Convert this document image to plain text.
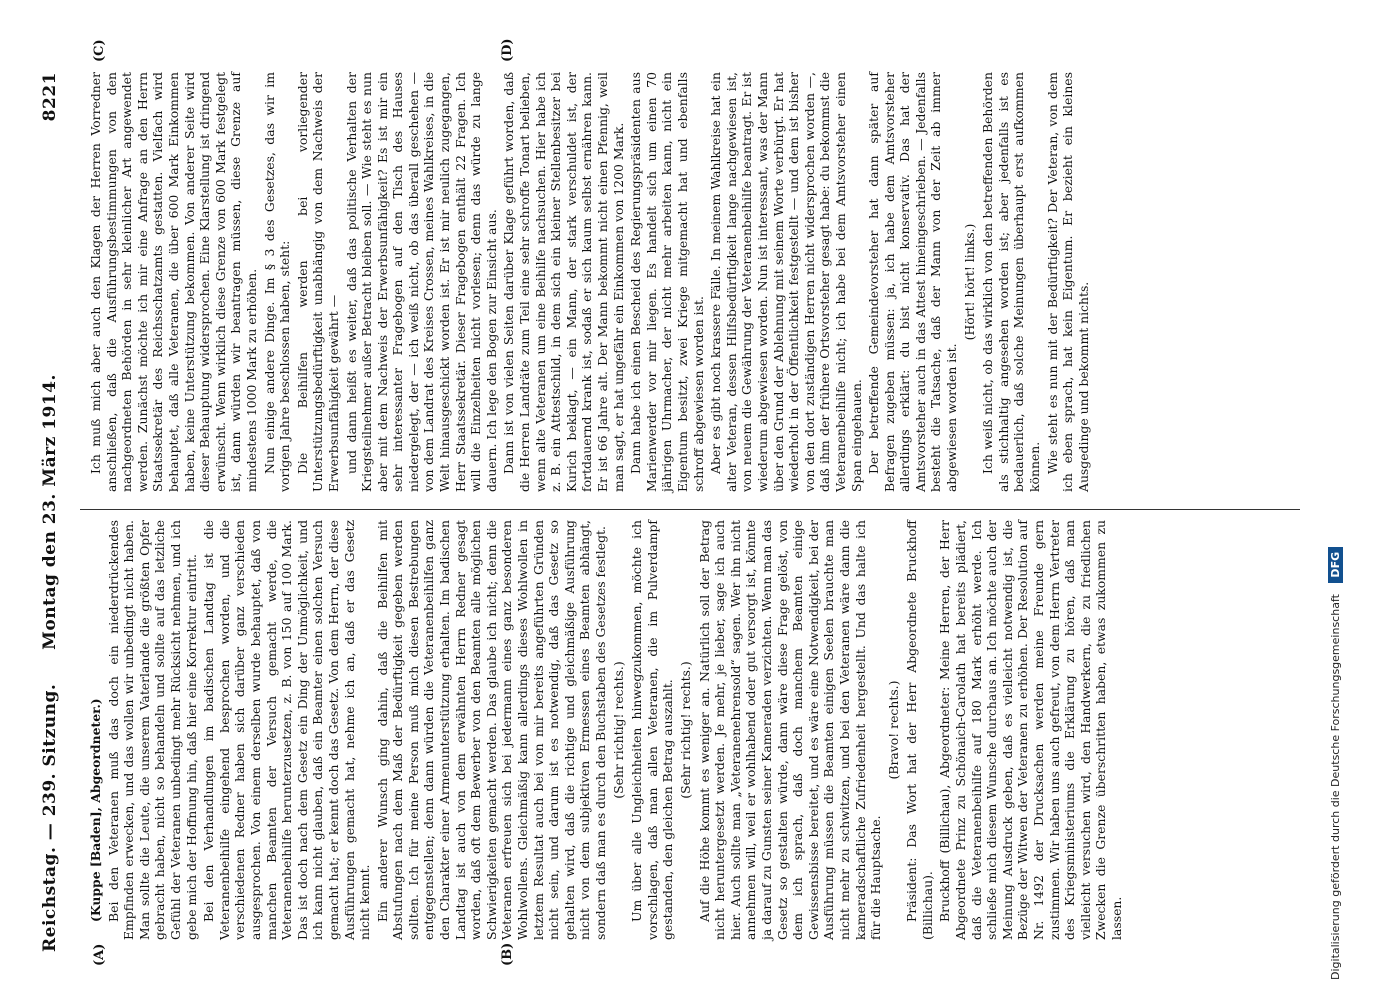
Reichstag. — 239. Sitzung.
Montag den 23. März 1914.
8221
(A)	(B)
(C)	(D)
(Kuppe [Baden], Abgeordneter.) Bei den Veteranen muß das doch ein niederdrückendes Empfinden erwecken, und das wollen wir unbedingt nicht haben. Man sollte die Leute, die unserem Vaterlande die größten Opfer gebracht haben, nicht so behandeln und sollte auf das letzliche Gefühl der Veteranen unbedingt mehr Rücksicht nehmen, und ich gebe mich der Hoffnung hin, daß hier eine Korrektur eintritt. Bei den Verhandlungen im badischen Landtag ist die Veteranenbeihilfe eingehend besprochen worden, und die verschiedenen Redner haben sich darüber ganz verschieden ausgesprochen. Von einem derselben wurde behauptet, daß von manchen Beamten der Versuch gemacht werde, die Veteranenbeihilfe herunterzusetzen, z. B. von 150 auf 100 Mark. Das ist doch nach dem Gesetz ein Ding der Unmöglichkeit, und ich kann nicht glauben, daß ein Beamter einen solchen Versuch gemacht hat; er kennt doch das Gesetz. Von dem Herrn, der diese Ausführungen gemacht hat, nehme ich an, daß er das Gesetz nicht kennt. Ein anderer Wunsch ging dahin, daß die Beihilfen mit Abstufungen nach dem Maß der Bedürftigkeit gegeben werden sollten. Ich für meine Person muß mich diesen Bestrebungen entgegenstellen; denn dann würden die Veteranenbeihilfen ganz den Charakter einer Armenunterstützung erhalten. Im badischen Landtag ist auch von dem erwähnten Herrn Redner gesagt worden, daß oft dem Bewerber von den Beamten alle möglichen Schwierigkeiten gemacht werden. Das glaube ich nicht; denn die Veteranen erfreuen sich bei jedermann eines ganz besonderen Wohlwollens. Gleichmäßig kann allerdings dieses Wohlwollen in letztem Resultat auch bei von mir bereits angeführten Gründen nicht sein, und darum ist es notwendig, daß das Gesetz so gehalten wird, daß die richtige und gleichmäßige Ausführung nicht von dem subjektiven Ermessen eines Beamten abhängt, sondern daß man es durch den Buchstaben des Gesetzes festlegt. (Sehr richtig! rechts.) Um über alle Ungleichheiten hinwegzukommen, möchte ich vorschlagen, daß man allen Veteranen, die im Pulverdampf gestanden, den gleichen Betrag auszahlt. (Sehr richtig! rechts.) Auf die Höhe kommt es weniger an. Natürlich soll der Betrag nicht heruntergesetzt werden. Je mehr, je lieber, sage ich auch hier. Auch sollte man „Veteranenehrensold“ sagen. Wer ihn nicht annehmen will, weil er wohlhabend oder gut versorgt ist, könnte ja darauf zu Gunsten seiner Kameraden verzichten. Wenn man das Gesetz so gestalten würde, dann wäre diese Frage gelöst, von dem ich sprach, daß doch manchem Beamten einige Gewissensbisse bereitet, und es wäre eine Notwendigkeit, bei der Ausführung müssen die Beamten einigen Seelen brauchte man nicht mehr zu schwitzen, und bei den Veteranen wäre dann die kameradschaftliche Zufriedenheit hergestellt. Und das halte ich für die Hauptsache.
(Bravo! rechts.) Präsident: Das Wort hat der Herr Abgeordnete Bruckhoff (Billichau). Bruckhoff (Billichau), Abgeordneter: Meine Herren, der Herr Abgeordnete Prinz zu Schönaich-Carolath hat bereits plädiert, daß die Veteranenbeihilfe auf 180 Mark erhöht werde. Ich schließe mich diesem Wunsche durchaus an. Ich möchte auch der Meinung Ausdruck geben, daß es vielleicht notwendig ist, die Bezüge der Witwen der Veteranen zu erhöhen. Der Resolution auf Nr. 1492 der Drucksachen werden meine Freunde gern zustimmen. Wir haben uns auch gefreut, von dem Herrn Vertreter des Kriegsministeriums die Erklärung zu hören, daß man vielleicht versuchen wird, den Handwerkern, die zu friedlichen Zwecken die Grenze überschritten haben, etwas zukommen zu lassen.
Ich muß mich aber auch den Klagen der Herren Vorredner anschließen, daß die Ausführungsbestimmungen von den nachgeordneten Behörden in sehr kleinlicher Art angewendet werden. Zunächst möchte ich mir eine Anfrage an den Herrn Staatssekretär des Reichsschatzamts gestatten. Vielfach wird behauptet, daß alle Veteranen, die über 600 Mark Einkommen haben, keine Unterstützung bekommen. Von anderer Seite wird dieser Behauptung widersprochen. Eine Klarstellung ist dringend erwünscht. Wenn wirklich diese Grenze von 600 Mark festgelegt ist, dann würden wir beantragen müssen, diese Grenze auf mindestens 1000 Mark zu erhöhen. Nun einige andere Dinge. Im § 3 des Gesetzes, das wir im vorigen Jahre beschlossen haben, steht: Die Beihilfen werden bei vorliegender Unterstützungsbedürftigkeit unabhängig von dem Nachweis der Erwerbsunfähigkeit gewährt — und dann heißt es weiter, daß das politische Verhalten der Kriegsteilnehmer außer Betracht bleiben soll. — Wie steht es nun aber mit dem Nachweis der Erwerbsunfähigkeit? Es ist mir ein sehr interessanter Fragebogen auf den Tisch des Hauses niedergelegt, der — ich weiß nicht, ob das überall geschehen — von dem Landrat des Kreises Crossen, meines Wahlkreises, in die Welt hinausgeschickt worden ist. Er ist mir neulich zugegangen, Herr Staatssekretär. Dieser Fragebogen enthält 22 Fragen. Ich will die Einzelheiten nicht vorlesen; denn das würde zu lange dauern. Ich lege den Bogen zur Einsicht aus. Dann ist von vielen Seiten darüber Klage geführt worden, daß die Herren Landräte zum Teil eine sehr schroffe Tonart belieben, wenn alte Veteranen um eine Beihilfe nachsuchen. Hier habe ich z. B. ein Attestschild, in dem sich ein kleiner Stellenbesitzer bei Kurich beklagt, — ein Mann, der stark verschuldet ist, der fortdauernd krank ist, sodaß er sich kaum selbst ernähren kann. Er ist 66 Jahre alt. Der Mann bekommt nicht einen Pfennig, weil man sagt, er hat ungefähr ein Einkommen von 1200 Mark. Dann habe ich einen Bescheid des Regierungspräsidenten aus Marienwerder vor mir liegen. Es handelt sich um einen 70 jährigen Uhrmacher, der nicht mehr arbeiten kann, nicht ein Eigentum besitzt, zwei Kriege mitgemacht hat und ebenfalls schroff abgewiesen worden ist. Aber es gibt noch krassere Fälle. In meinem Wahlkreise hat ein alter Veteran, dessen Hilfsbedürftigkeit lange nachgewiesen ist, von neuem die Gewährung der Veteranenbeihilfe beantragt. Er ist wiederum abgewiesen worden. Nun ist interessant, was der Mann über den Grund der Ablehnung mit seinem Worte verbürgt. Er hat wiederholt in der Öffentlichkeit festgestellt — und dem ist bisher von den dort zuständigen Herren nicht widersprochen worden —, daß ihm der frühere Ortsvorsteher gesagt habe: du bekommst die Veteranenbeihilfe nicht; ich habe bei dem Amtsvorsteher einen Span eingehauen. Der betreffende Gemeindevorsteher hat dann später auf Befragen zugeben müssen: ja, ich habe dem Amtsvorsteher allerdings erklärt: du bist nicht konservativ. Das hat der Amtsvorsteher auch in das Attest hineingeschrieben. — Jedenfalls besteht die Tatsache, daß der Mann von der Zeit ab immer abgewiesen worden ist.
(Hört! hört! links.) Ich weiß nicht, ob das wirklich von den betreffenden Behörden als stichhaltig angesehen worden ist; aber jedenfalls ist es bedauerlich, daß solche Meinungen überhaupt erst aufkommen können. Wie steht es nun mit der Bedürftigkeit? Der Veteran, von dem ich eben sprach, hat kein Eigentum. Er bezieht ein kleines Ausgedinge und bekommt nichts.
Digitalisierung gefördert durch die Deutsche Forschungsgemeinschaft DFG
